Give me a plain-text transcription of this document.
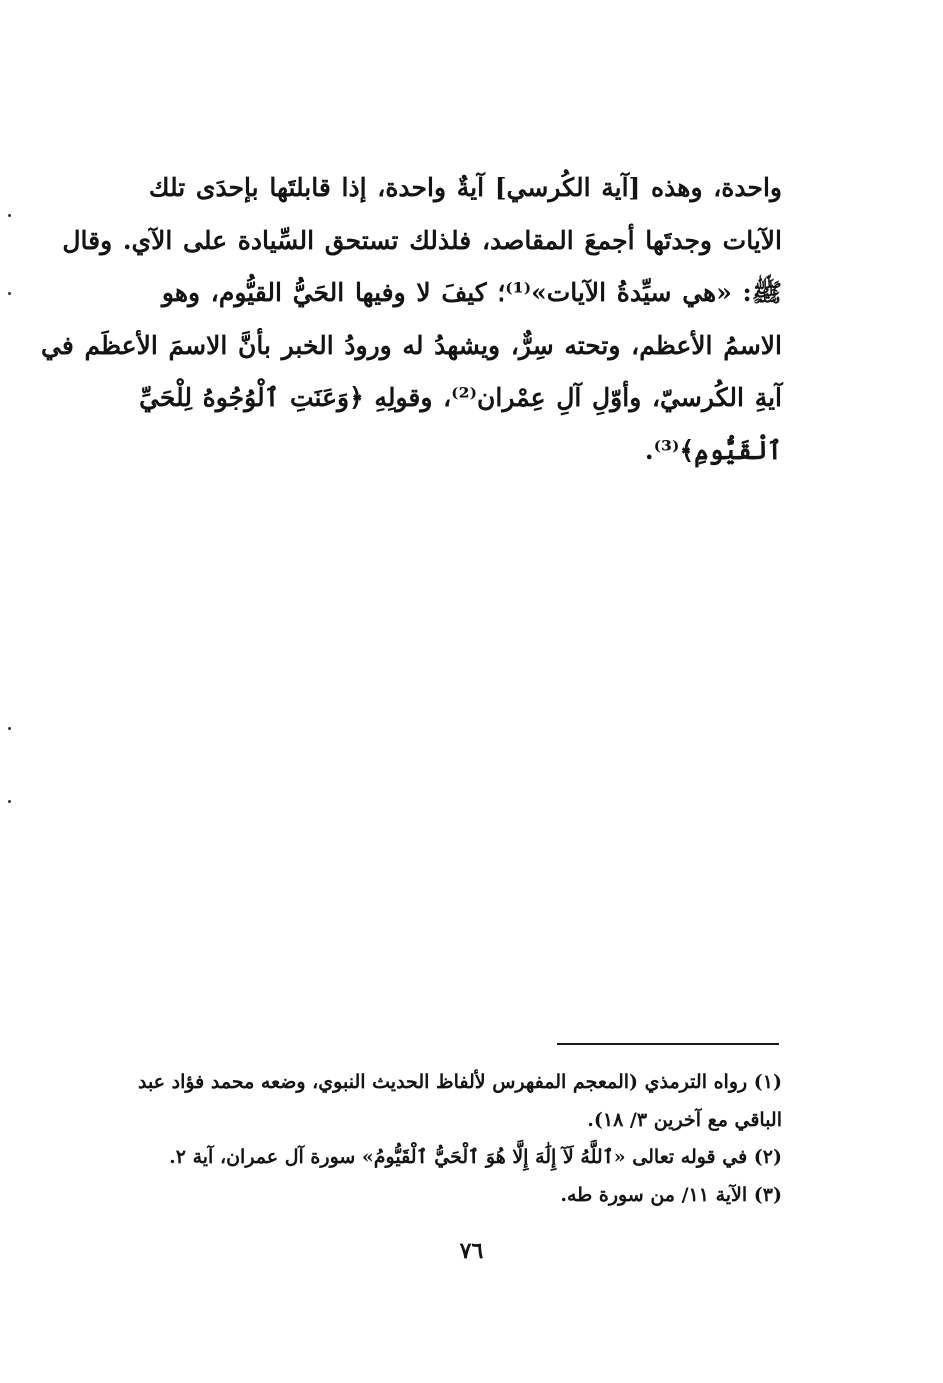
واحدة، وهذه [آية الكُرسي] آيةٌ واحدة، إذا قابلتَها بإحدَى تلك
الآيات وجدتَها أجمعَ المقاصد، فلذلك تستحق السِّيادة على الآي. وقال
ﷺ: «هي سيِّدةُ الآيات»⁽¹⁾؛ كيفَ لا وفيها الحَيُّ القيُّوم، وهو
الاسمُ الأعظم، وتحته سِرٌّ، ويشهدُ له ورودُ الخبر بأنَّ الاسمَ الأعظَم في
آيةِ الكُرسيّ، وأوّلِ آلِ عِمْران⁽²⁾، وقولِهِ ﴿وَعَنَتِ ٱلْوُجُوهُ لِلْحَيِّ
ٱلْقَيُّومِ﴾⁽³⁾.
(١) رواه الترمذي (المعجم المفهرس لألفاظ الحديث النبوي، وضعه محمد فؤاد عبد
الباقي مع آخرين ٣/ ١٨).
(٢) في قوله تعالى «ٱللَّهُ لَآ إِلَٰهَ إِلَّا هُوَ ٱلْحَيُّ ٱلْقَيُّومُ» سورة آل عمران، آية ٢.
(٣) الآية ١١/ من سورة طه.
٧٦
